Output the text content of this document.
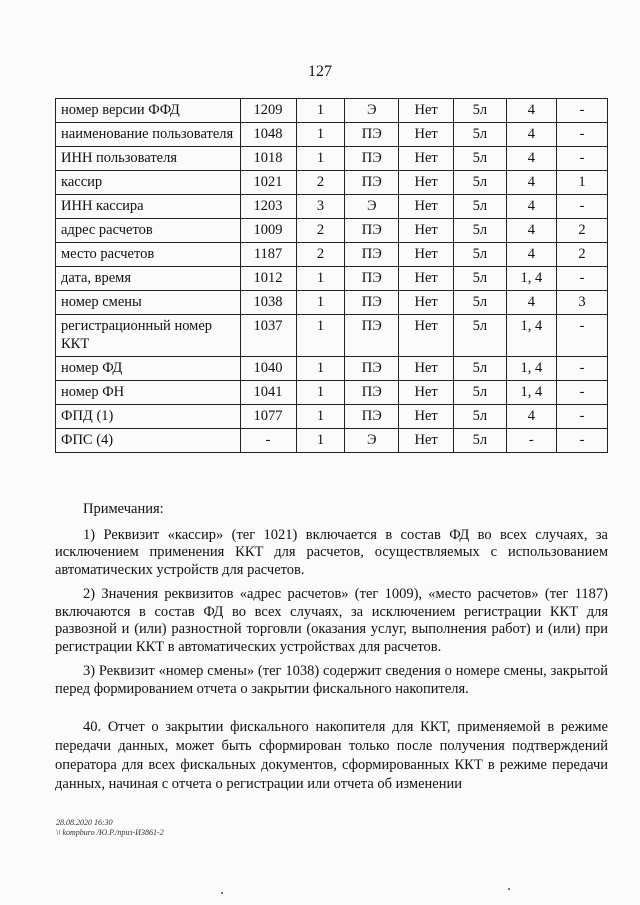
127
номер версии ФФД	1209	1	Э	Нет	5л	4	-
наименование пользователя	1048	1	ПЭ	Нет	5л	4	-
ИНН пользователя	1018	1	ПЭ	Нет	5л	4	-
кассир	1021	2	ПЭ	Нет	5л	4	1
ИНН кассира	1203	3	Э	Нет	5л	4	-
адрес расчетов	1009	2	ПЭ	Нет	5л	4	2
место расчетов	1187	2	ПЭ	Нет	5л	4	2
дата, время	1012	1	ПЭ	Нет	5л	1, 4	-
номер смены	1038	1	ПЭ	Нет	5л	4	3
регистрационный номер ККТ	1037	1	ПЭ	Нет	5л	1, 4	-
номер ФД	1040	1	ПЭ	Нет	5л	1, 4	-
номер ФН	1041	1	ПЭ	Нет	5л	1, 4	-
ФПД (1)	1077	1	ПЭ	Нет	5л	4	-
ФПС (4)	-	1	Э	Нет	5л	-	-
Примечания:

1) Реквизит «кассир» (тег 1021) включается в состав ФД во всех случаях, за исключением применения ККТ для расчетов, осуществляемых с использованием автоматических устройств для расчетов.

2) Значения реквизитов «адрес расчетов» (тег 1009), «место расчетов» (тег 1187) включаются в состав ФД во всех случаях, за исключением регистрации ККТ для развозной и (или) разностной торговли (оказания услуг, выполнения работ) и (или) при регистрации ККТ в автоматических устройствах для расчетов.

3) Реквизит «номер смены» (тег 1038) содержит сведения о номере смены, закрытой перед формированием отчета о закрытии фискального накопителя.

40. Отчет о закрытии фискального накопителя для ККТ, применяемой в режиме передачи данных, может быть сформирован только после получения подтверждений оператора для всех фискальных документов, сформированных ККТ в режиме передачи данных, начиная с отчета о регистрации или отчета об изменении

28.08.2020 16:30
\\ kompburo /Ю.Р./приз-И3861-2
